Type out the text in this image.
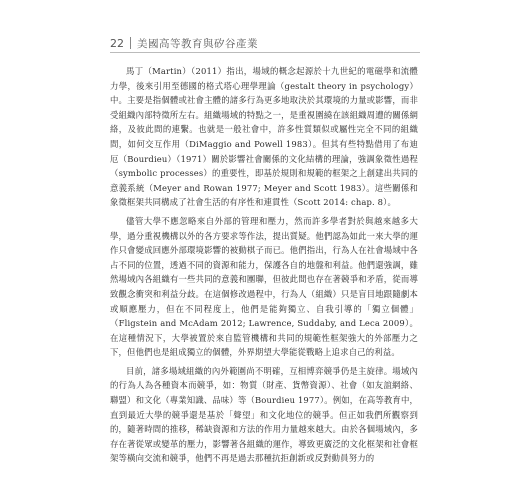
22 美國高等教育與矽谷產業

馬丁（Martin）（2011）指出，場域的概念起源於十九世紀的電磁學和流體力學，後來引用至德國的格式塔心理學理論（gestalt theory in psychology）中。主要是指個體或社會主體的諸多行為更多地取決於其環境的力量或影響，而非受組織內部特徵所左右。組織場域的特點之一，是重視圍繞在該組織周遭的關係網絡，及彼此間的連繫。也就是一般社會中，許多性質類似或屬性完全不同的組織間，如何交互作用（DiMaggio and Powell 1983）。但其有些特點借用了布迪厄（Bourdieu）（1971）關於影響社會關係的文化結構的理論，強調象徵性過程（symbolic processes）的重要性，即基於規則和規範的框架之上創建出共同的意義系統（Meyer and Rowan 1977; Meyer and Scott 1983）。這些關係和象徵框架共同構成了社會生活的有序性和連貫性（Scott 2014: chap. 8）。

儘管大學不應忽略來自外部的管理和壓力，然而許多學者對於與越來越多大學，過分重視機構以外的各方要求等作法，提出質疑。他們認為如此一來大學的運作只會變成回應外部環境影響的被動棋子而已。他們指出，行為人在社會場域中各占不同的位置，透過不同的資源和能力，保護各自的地盤和利益。他們還強調，雖然場域內各組織有一些共同的意義和團聯，但彼此間也存在著競爭和矛盾，從而導致觀念衝突和利益分歧。在這個修改過程中，行為人（組織）只是盲目地跟隨劇本或順應壓力，但在不同程度上，他們是能夠獨立、自我引導的「獨立個體」（Fligstein and McAdam 2012; Lawrence, Suddaby, and Leca 2009）。在這種情況下，大學被置於來自監管機構和共同的規範性框架強大的外部壓力之下，但他們也是組成獨立的個體，外界期望大學能從戰略上追求自己的利益。

目前，諸多場域組織的內外範圍尚不明確，互相博弈競爭仍是主旋律。場域內的行為人為各種資本而競爭，如：物質（財產、貨幣資源）、社會（如友誼網絡、聯盟）和文化（專業知識、品味）等（Bourdieu 1977）。例如，在高等教育中，直到最近大學的競爭還是基於「聲望」和文化地位的競爭。但正如我們所觀察到的，隨著時間的推移，稀缺資源和方法的作用力量越來越大。由於各個場域內，多存在著從眾或變革的壓力，影響著各組織的運作，導致更廣泛的文化框架和社會框架等橫向交流和競爭，他們不再是過去那種抗拒創新或反對動員努力的
